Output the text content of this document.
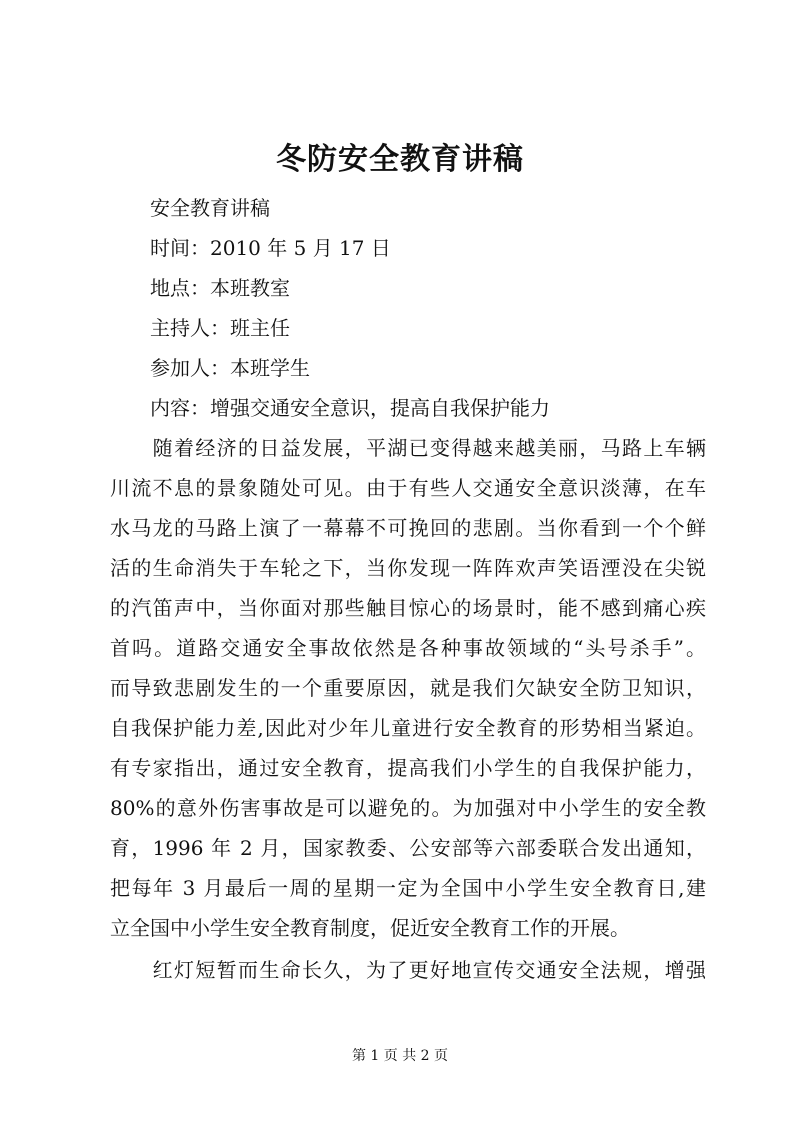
冬防安全教育讲稿
安全教育讲稿
时间：2010 年 5 月 17 日
地点：本班教室
主持人：班主任
参加人：本班学生
内容：增强交通安全意识，提高自我保护能力
　　随着经济的日益发展，平湖已变得越来越美丽，马路上车辆
川流不息的景象随处可见。由于有些人交通安全意识淡薄，在车
水马龙的马路上演了一幕幕不可挽回的悲剧。当你看到一个个鲜
活的生命消失于车轮之下，当你发现一阵阵欢声笑语湮没在尖锐
的汽笛声中，当你面对那些触目惊心的场景时，能不感到痛心疾
首吗。道路交通安全事故依然是各种事故领域的“头号杀手”。
而导致悲剧发生的一个重要原因，就是我们欠缺安全防卫知识，
自我保护能力差,因此对少年儿童进行安全教育的形势相当紧迫。
有专家指出，通过安全教育，提高我们小学生的自我保护能力，
80%的意外伤害事故是可以避免的。为加强对中小学生的安全教
育，1996 年 2 月，国家教委、公安部等六部委联合发出通知，
把每年 3 月最后一周的星期一定为全国中小学生安全教育日,建
立全国中小学生安全教育制度，促近安全教育工作的开展。
　　红灯短暂而生命长久，为了更好地宣传交通安全法规，增强
第 1 页 共 2 页
